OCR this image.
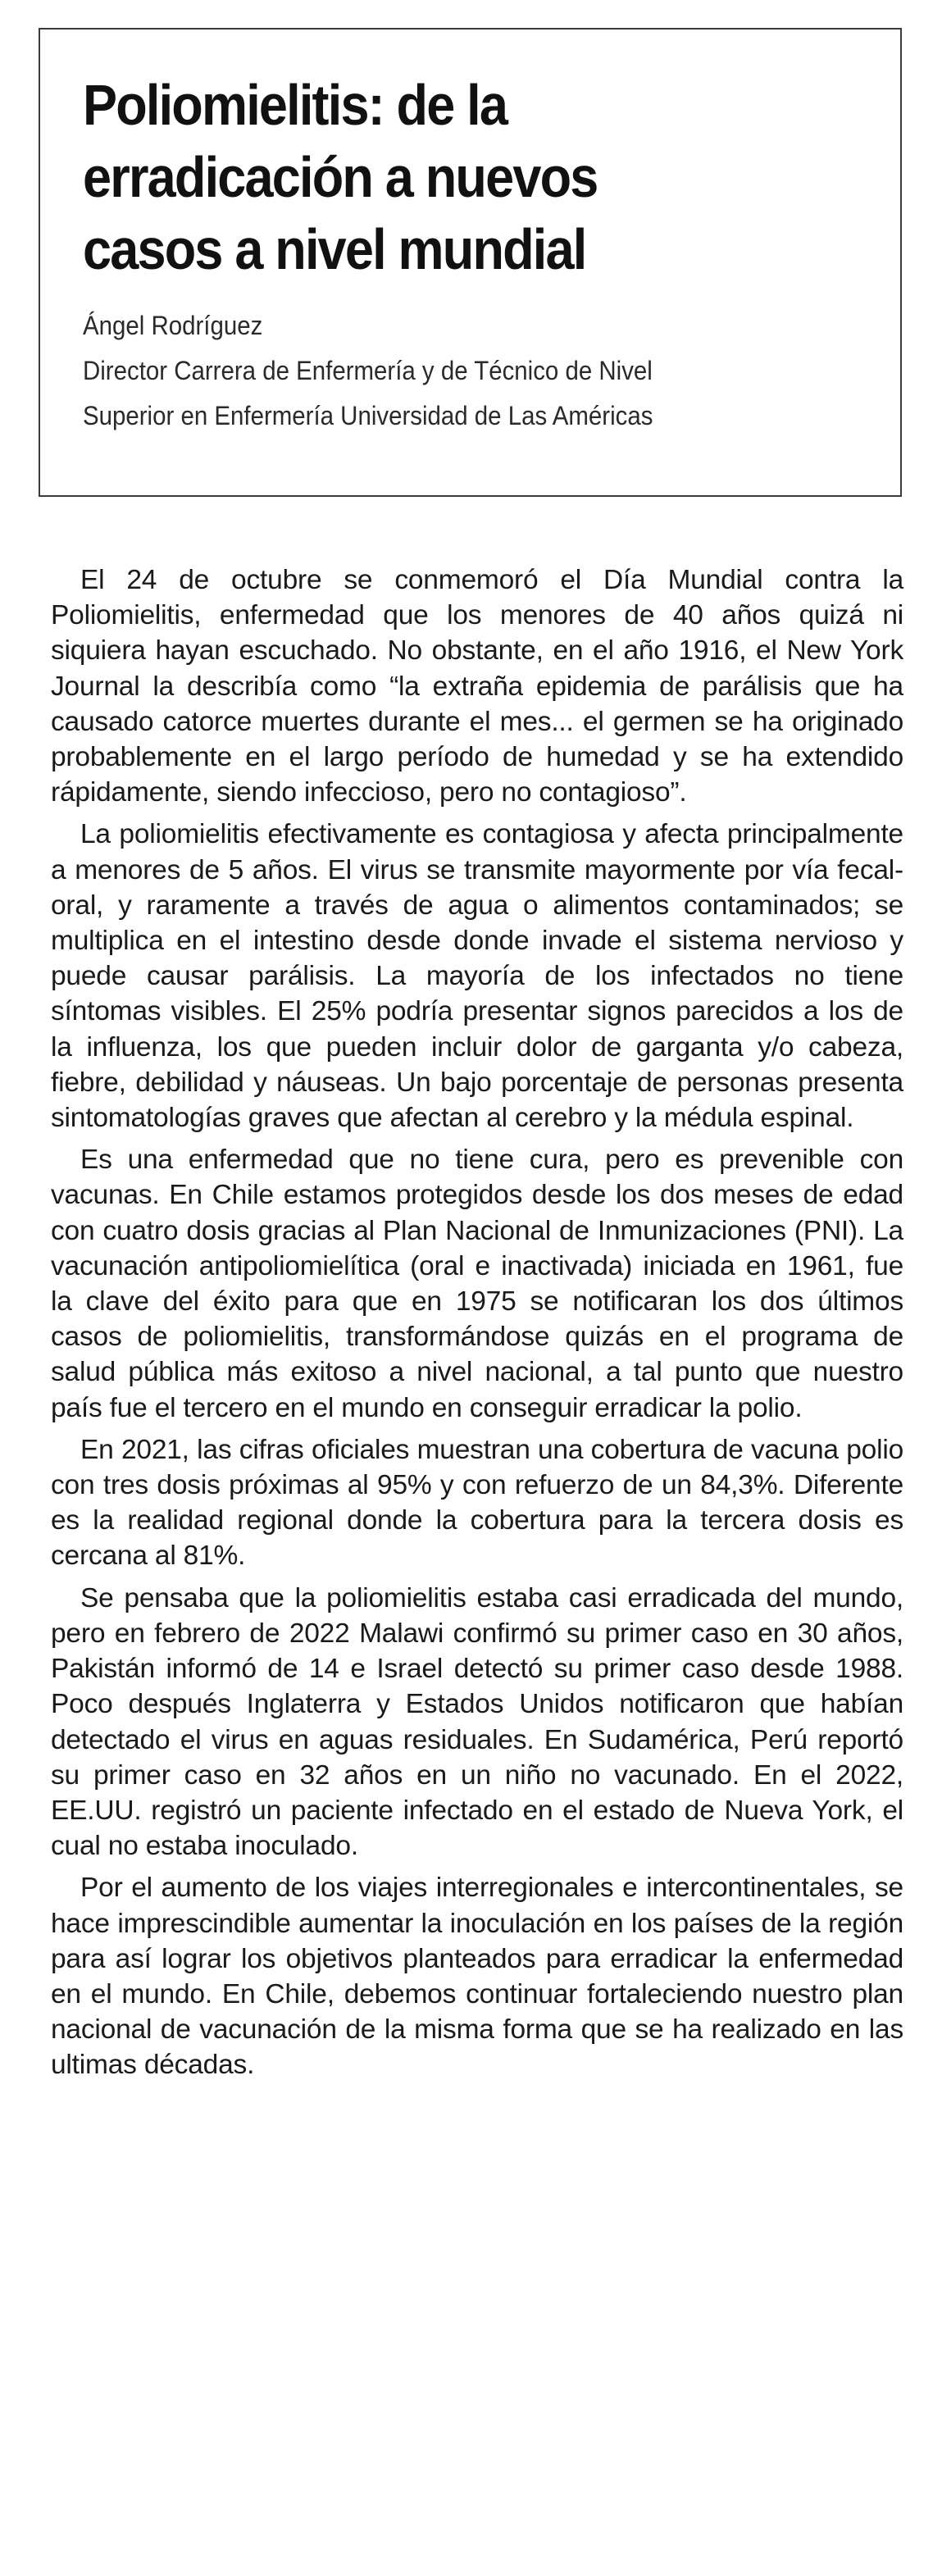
Poliomielitis: de la erradicación a nuevos casos a nivel mundial
Ángel Rodríguez
Director Carrera de Enfermería y de Técnico de Nivel
Superior en Enfermería Universidad de Las Américas

El 24 de octubre se conmemoró el Día Mundial contra la Poliomielitis, enfermedad que los menores de 40 años quizá ni siquiera hayan escuchado. No obstante, en el año 1916, el New York Journal la describía como “la extraña epidemia de parálisis que ha causado catorce muertes durante el mes... el germen se ha originado probablemente en el largo período de humedad y se ha extendido rápidamente, siendo infeccioso, pero no contagioso”.

La poliomielitis efectivamente es contagiosa y afecta principalmente a menores de 5 años. El virus se transmite mayormente por vía fecal-oral, y raramente a través de agua o alimentos contaminados; se multiplica en el intestino desde donde invade el sistema nervioso y puede causar parálisis. La mayoría de los infectados no tiene síntomas visibles. El 25% podría presentar signos parecidos a los de la influenza, los que pueden incluir dolor de garganta y/o cabeza, fiebre, debilidad y náuseas. Un bajo porcentaje de personas presenta sintomatologías graves que afectan al cerebro y la médula espinal.

Es una enfermedad que no tiene cura, pero es prevenible con vacunas. En Chile estamos protegidos desde los dos meses de edad con cuatro dosis gracias al Plan Nacional de Inmunizaciones (PNI). La vacunación antipoliomielítica (oral e inactivada) iniciada en 1961, fue la clave del éxito para que en 1975 se notificaran los dos últimos casos de poliomielitis, transformándose quizás en el programa de salud pública más exitoso a nivel nacional, a tal punto que nuestro país fue el tercero en el mundo en conseguir erradicar la polio.

En 2021, las cifras oficiales muestran una cobertura de vacuna polio con tres dosis próximas al 95% y con refuerzo de un 84,3%. Diferente es la realidad regional donde la cobertura para la tercera dosis es cercana al 81%.

Se pensaba que la poliomielitis estaba casi erradicada del mundo, pero en febrero de 2022 Malawi confirmó su primer caso en 30 años, Pakistán informó de 14 e Israel detectó su primer caso desde 1988. Poco después Inglaterra y Estados Unidos notificaron que habían detectado el virus en aguas residuales. En Sudamérica, Perú reportó su primer caso en 32 años en un niño no vacunado. En el 2022, EE.UU. registró un paciente infectado en el estado de Nueva York, el cual no estaba inoculado.

Por el aumento de los viajes interregionales e intercontinentales, se hace imprescindible aumentar la inoculación en los países de la región para así lograr los objetivos planteados para erradicar la enfermedad en el mundo. En Chile, debemos continuar fortaleciendo nuestro plan nacional de vacunación de la misma forma que se ha realizado en las ultimas décadas.
